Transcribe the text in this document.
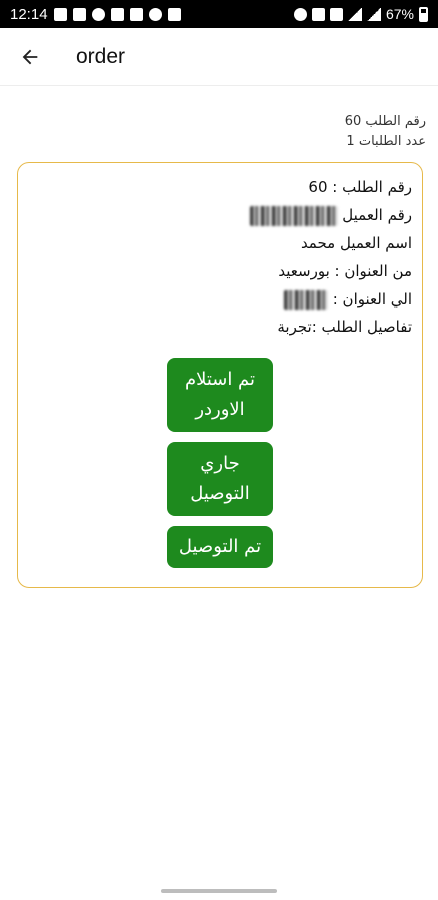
12:14	67%
order
رقم الطلب 60
عدد الطلبات 1
رقم الطلب : 60
رقم العميل
اسم العميل محمد
من العنوان : بورسعيد
الي العنوان :
تفاصيل الطلب :تجربة
تم استلام الاوردر
جاري التوصيل
تم التوصيل
